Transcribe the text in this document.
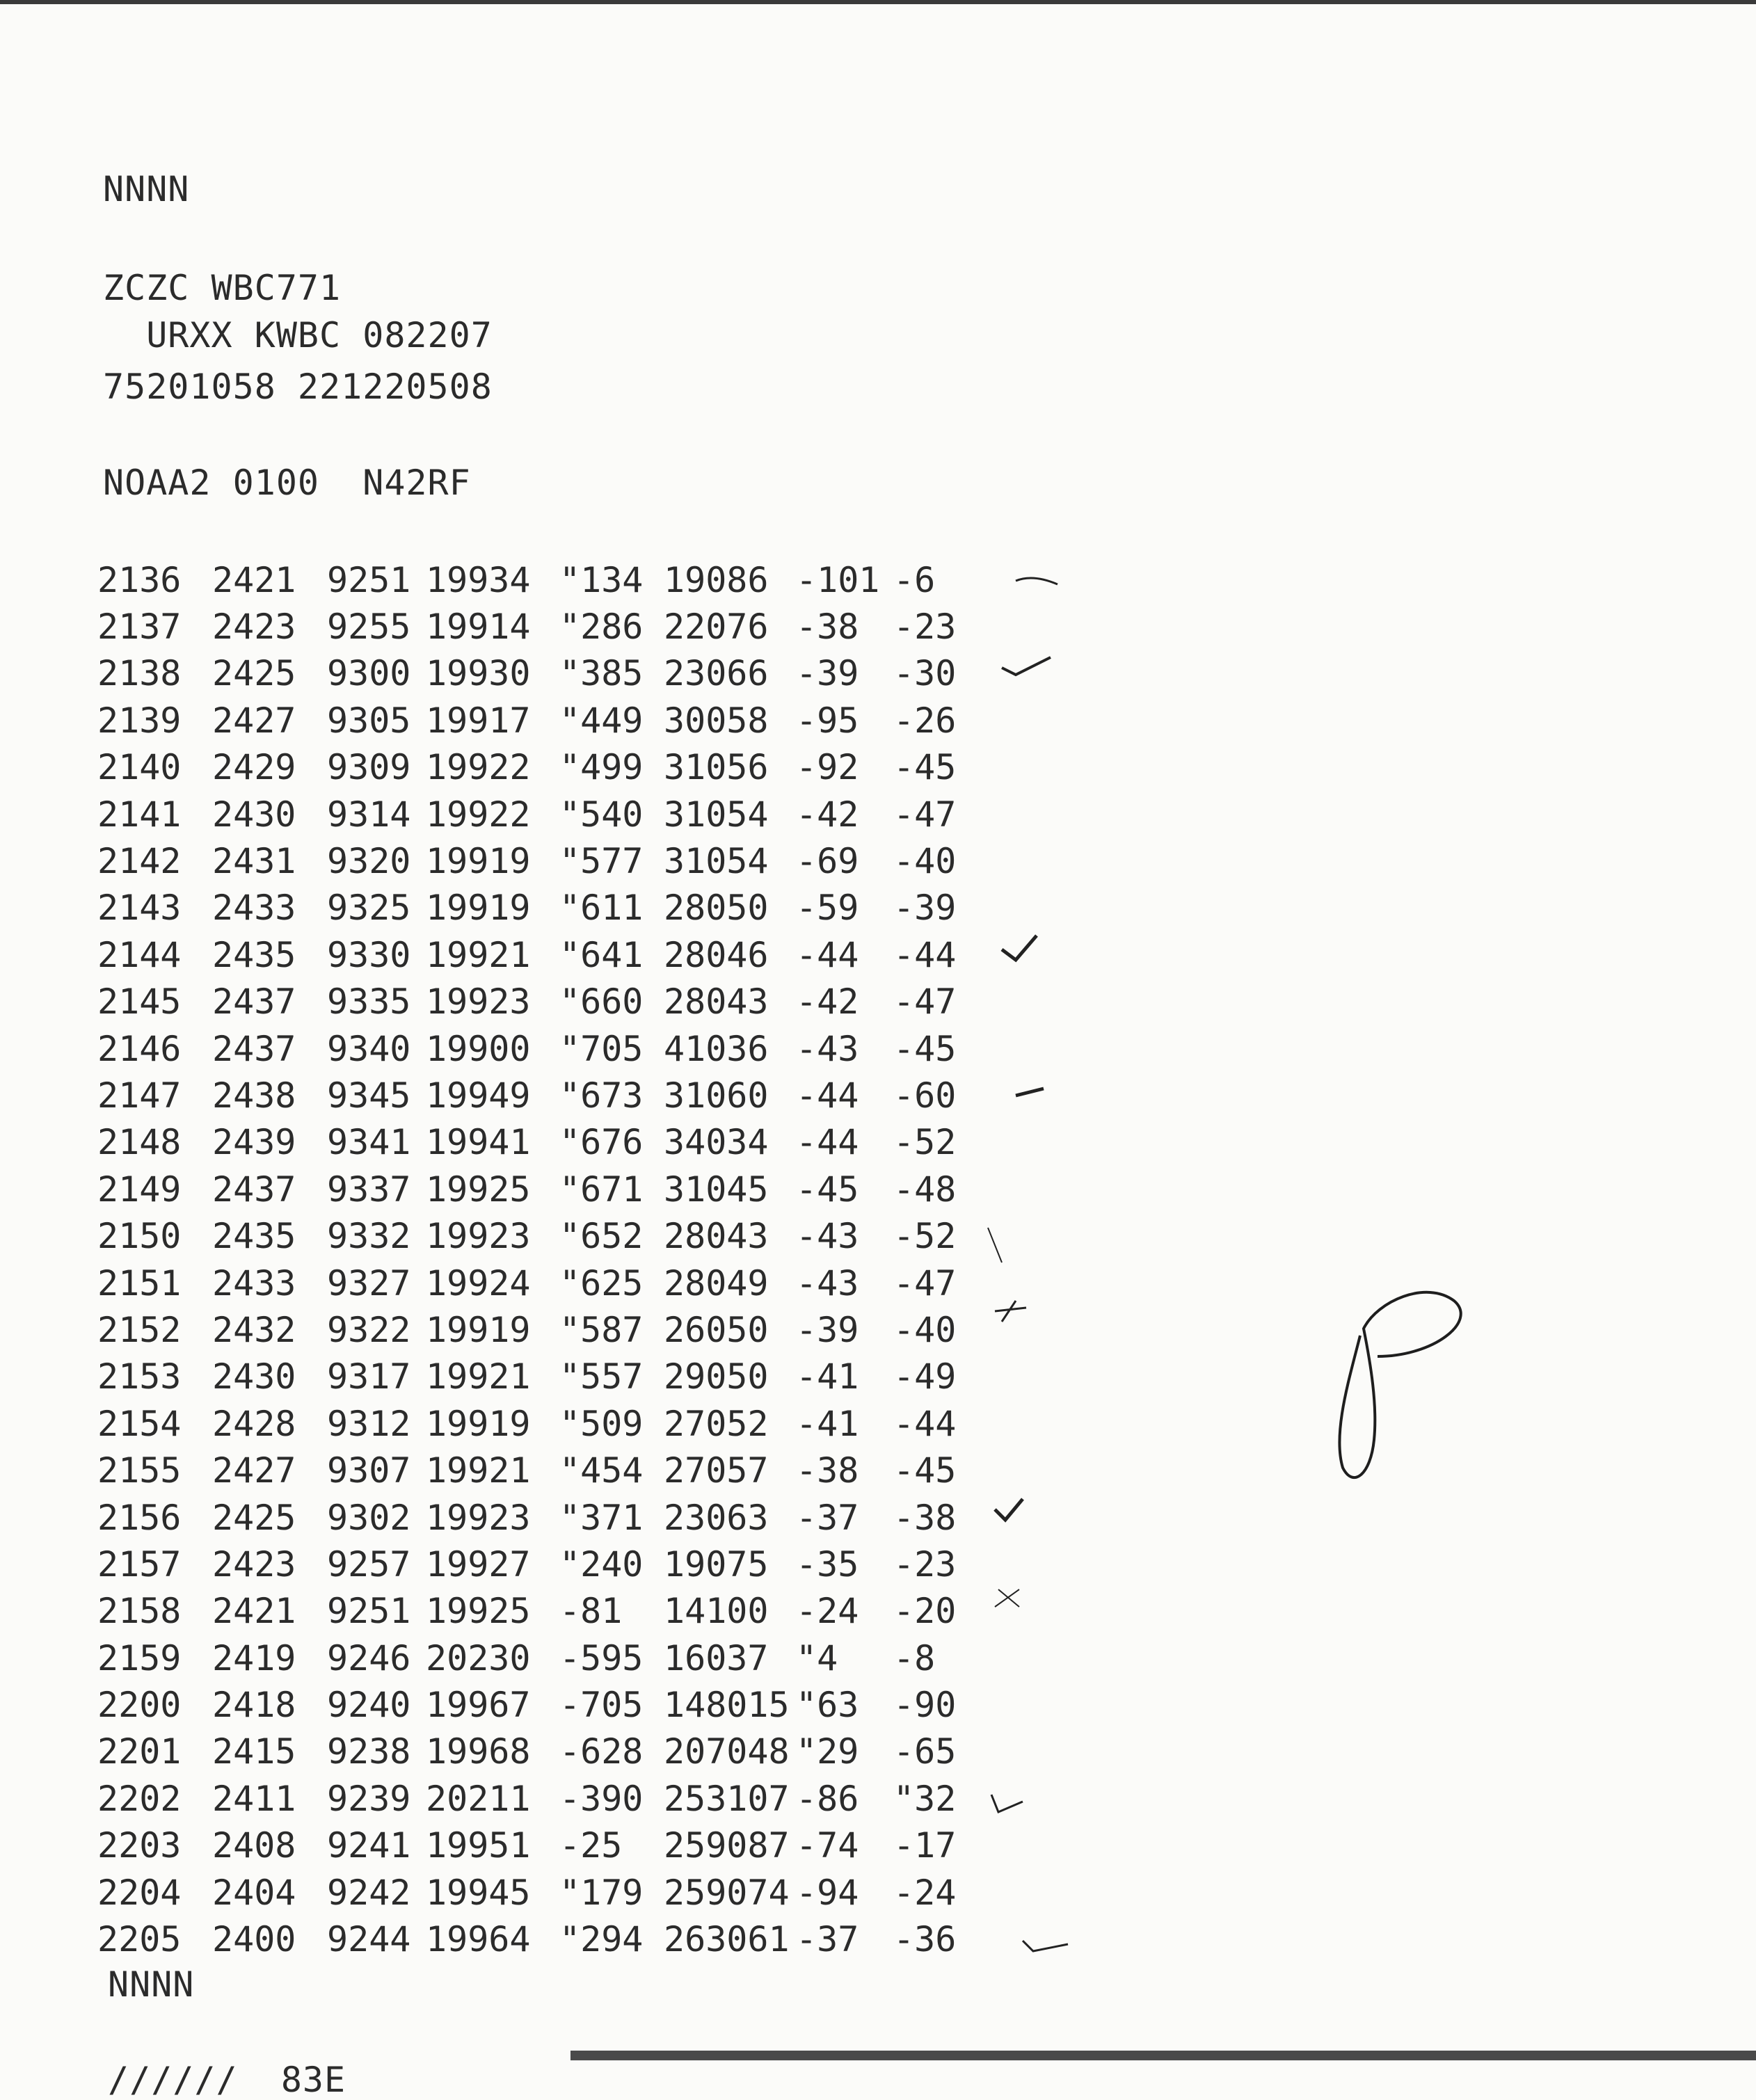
NNNN
ZCZC WBC771
URXX KWBC 082207
75201058 221220508
NOAA2 0100  N42RF
2136 2421 9251 19934 "134 19086 -101 -6
2137 2423 9255 19914 "286 22076 -38 -23
2138 2425 9300 19930 "385 23066 -39 -30
2139 2427 9305 19917 "449 30058 -95 -26
2140 2429 9309 19922 "499 31056 -92 -45
2141 2430 9314 19922 "540 31054 -42 -47
2142 2431 9320 19919 "577 31054 -69 -40
2143 2433 9325 19919 "611 28050 -59 -39
2144 2435 9330 19921 "641 28046 -44 -44
2145 2437 9335 19923 "660 28043 -42 -47
2146 2437 9340 19900 "705 41036 -43 -45
2147 2438 9345 19949 "673 31060 -44 -60
2148 2439 9341 19941 "676 34034 -44 -52
2149 2437 9337 19925 "671 31045 -45 -48
2150 2435 9332 19923 "652 28043 -43 -52
2151 2433 9327 19924 "625 28049 -43 -47
2152 2432 9322 19919 "587 26050 -39 -40
2153 2430 9317 19921 "557 29050 -41 -49
2154 2428 9312 19919 "509 27052 -41 -44
2155 2427 9307 19921 "454 27057 -38 -45
2156 2425 9302 19923 "371 23063 -37 -38
2157 2423 9257 19927 "240 19075 -35 -23
2158 2421 9251 19925 -81	14100 -24 -20
2159 2419 9246 20230 -595 16037 "4	-8
2200 2418 9240 19967 -705 148015 "63 -90
2201 2415 9238 19968 -628 207048 "29 -65
2202 2411 9239 20211 -390 253107 -86 "32
2203 2408 9241 19951 -25	259087 -74 -17
2204 2404 9242 19945 "179 259074 -94 -24
2205 2400 9244 19964 "294 263061 -37 -36
NNNN
//////  83E
